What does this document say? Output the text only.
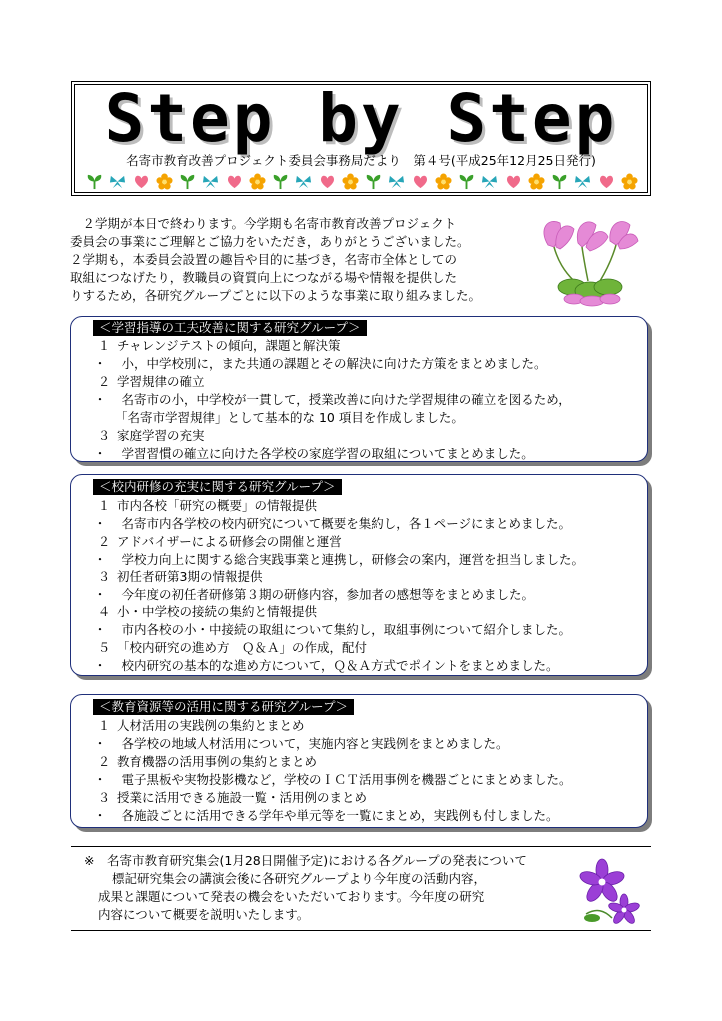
Step by Step
名寄市教育改善プロジェクト委員会事務局だより　第４号(平成25年12月25日発行)
　２学期が本日で終わります。今学期も名寄市教育改善プロジェクト
委員会の事業にご理解とご協力をいただき，ありがとうございました。
２学期も，本委員会設置の趣旨や目的に基づき，名寄市全体としての
取組につなげたり，教職員の資質向上につながる場や情報を提供した
りするため，各研究グループごとに以下のような事業に取り組みました。
＜学習指導の工夫改善に関する研究グループ＞
１ チャレンジテストの傾向，課題と解決策
・　 小，中学校別に，また共通の課題とその解決に向けた方策をまとめました。
２ 学習規律の確立
・　 名寄市の小，中学校が一貫して，授業改善に向けた学習規律の確立を図るため，
「名寄市学習規律」として基本的な 10 項目を作成しました。
３ 家庭学習の充実
・　 学習習慣の確立に向けた各学校の家庭学習の取組についてまとめました。
＜校内研修の充実に関する研究グループ＞
１ 市内各校「研究の概要」の情報提供
・　 名寄市内各学校の校内研究について概要を集約し，各１ページにまとめました。
２ アドバイザーによる研修会の開催と運営
・　 学校力向上に関する総合実践事業と連携し，研修会の案内，運営を担当しました。
３ 初任者研第3期の情報提供
・　 今年度の初任者研修第３期の研修内容，参加者の感想等をまとめました。
４ 小・中学校の接続の集約と情報提供
・　 市内各校の小・中接続の取組について集約し，取組事例について紹介しました。
５ 「校内研究の進め方　Ｑ＆Ａ」の作成，配付
・　 校内研究の基本的な進め方について，Ｑ＆Ａ方式でポイントをまとめました。
＜教育資源等の活用に関する研究グループ＞
１ 人材活用の実践例の集約とまとめ
・　 各学校の地域人材活用について，実施内容と実践例をまとめました。
２ 教育機器の活用事例の集約とまとめ
・　 電子黒板や実物投影機など，学校のＩＣＴ活用事例を機器ごとにまとめました。
３ 授業に活用できる施設一覧・活用例のまとめ
・　 各施設ごとに活用できる学年や単元等を一覧にまとめ，実践例も付しました。
※　 名寄市教育研究集会(1月28日開催予定)における各グループの発表について
標記研究集会の講演会後に各研究グループより今年度の活動内容，
成果と課題について発表の機会をいただいております。今年度の研究
内容について概要を説明いたします。
